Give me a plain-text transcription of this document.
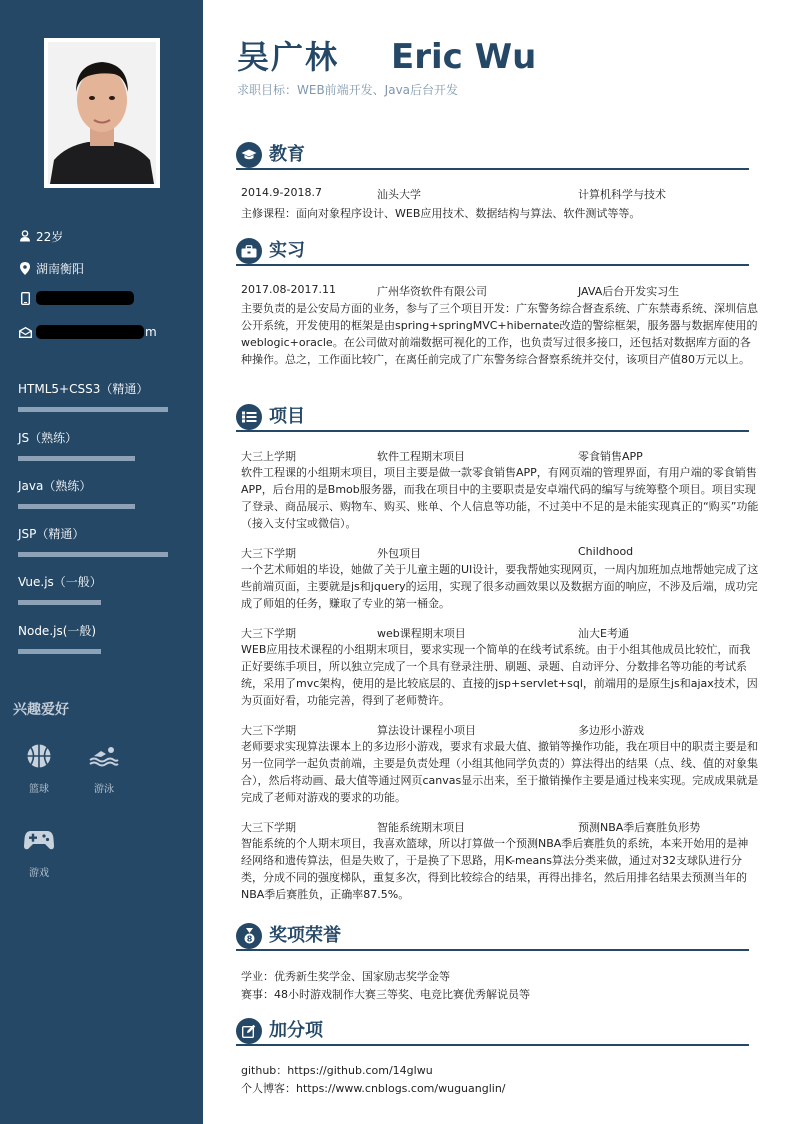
22岁
湖南衡阳
m
HTML5+CSS3（精通）
JS（熟练）
Java（熟练）
JSP（精通）
Vue.js（一般）
Node.js(一般)
兴趣爱好
篮球	游泳
游戏
吴广林 Eric Wu
求职目标：WEB前端开发、Java后台开发
教育
2014.9-2018.7	汕头大学	计算机科学与技术
主修课程：面向对象程序设计、WEB应用技术、数据结构与算法、软件测试等等。
实习
2017.08-2017.11	广州华资软件有限公司	JAVA后台开发实习生
主要负责的是公安局方面的业务，参与了三个项目开发：广东警务综合督查系统、广东禁毒系统、深圳信息公开系统，开发使用的框架是由spring+springMVC+hibernate改造的警综框架，服务器与数据库使用的weblogic+oracle。在公司做对前端数据可视化的工作，也负责写过很多接口，还包括对数据库方面的各种操作。总之，工作面比较广，在离任前完成了广东警务综合督察系统并交付，该项目产值80万元以上。
项目
大三上学期	软件工程期末项目	零食销售APP
软件工程课的小组期末项目，项目主要是做一款零食销售APP，有网页端的管理界面，有用户端的零食销售APP，后台用的是Bmob服务器，而我在项目中的主要职责是安卓端代码的编写与统筹整个项目。项目实现了登录、商品展示、购物车、购买、账单、个人信息等功能，不过美中不足的是未能实现真正的“购买”功能（接入支付宝或微信）。
大三下学期	外包项目	Childhood
一个艺术师姐的毕设，她做了关于儿童主题的UI设计，要我帮她实现网页，一周内加班加点地帮她完成了这些前端页面，主要就是js和jquery的运用，实现了很多动画效果以及数据方面的响应，不涉及后端，成功完成了师姐的任务，赚取了专业的第一桶金。
大三下学期	web课程期末项目	汕大E考通
WEB应用技术课程的小组期末项目，要求实现一个简单的在线考试系统。由于小组其他成员比较忙，而我正好要练手项目，所以独立完成了一个具有登录注册、刷题、录题、自动评分、分数排名等功能的考试系统，采用了mvc架构，使用的是比较底层的、直接的jsp+servlet+sql，前端用的是原生js和ajax技术，因为页面好看，功能完善，得到了老师赞许。
大三下学期	算法设计课程小项目	多边形小游戏
老师要求实现算法课本上的多边形小游戏，要求有求最大值、撤销等操作功能，我在项目中的职责主要是和另一位同学一起负责前端，主要是负责处理（小组其他同学负责的）算法得出的结果（点、线、值的对象集合），然后将动画、最大值等通过网页canvas显示出来，至于撤销操作主要是通过栈来实现。完成成果就是完成了老师对游戏的要求的功能。
大三下学期	智能系统期末项目	预测NBA季后赛胜负形势
智能系统的个人期末项目，我喜欢篮球，所以打算做一个预测NBA季后赛胜负的系统，本来开始用的是神经网络和遗传算法，但是失败了，于是换了下思路，用K-means算法分类来做，通过对32支球队进行分类，分成不同的强度梯队，重复多次，得到比较综合的结果，再得出排名，然后用排名结果去预测当年的NBA季后赛胜负，正确率87.5%。
8 奖项荣誉
学业：优秀新生奖学金、国家励志奖学金等
赛事：48小时游戏制作大赛三等奖、电竞比赛优秀解说员等
加分项
github：https://github.com/14glwu
个人博客：https://www.cnblogs.com/wuguanglin/
